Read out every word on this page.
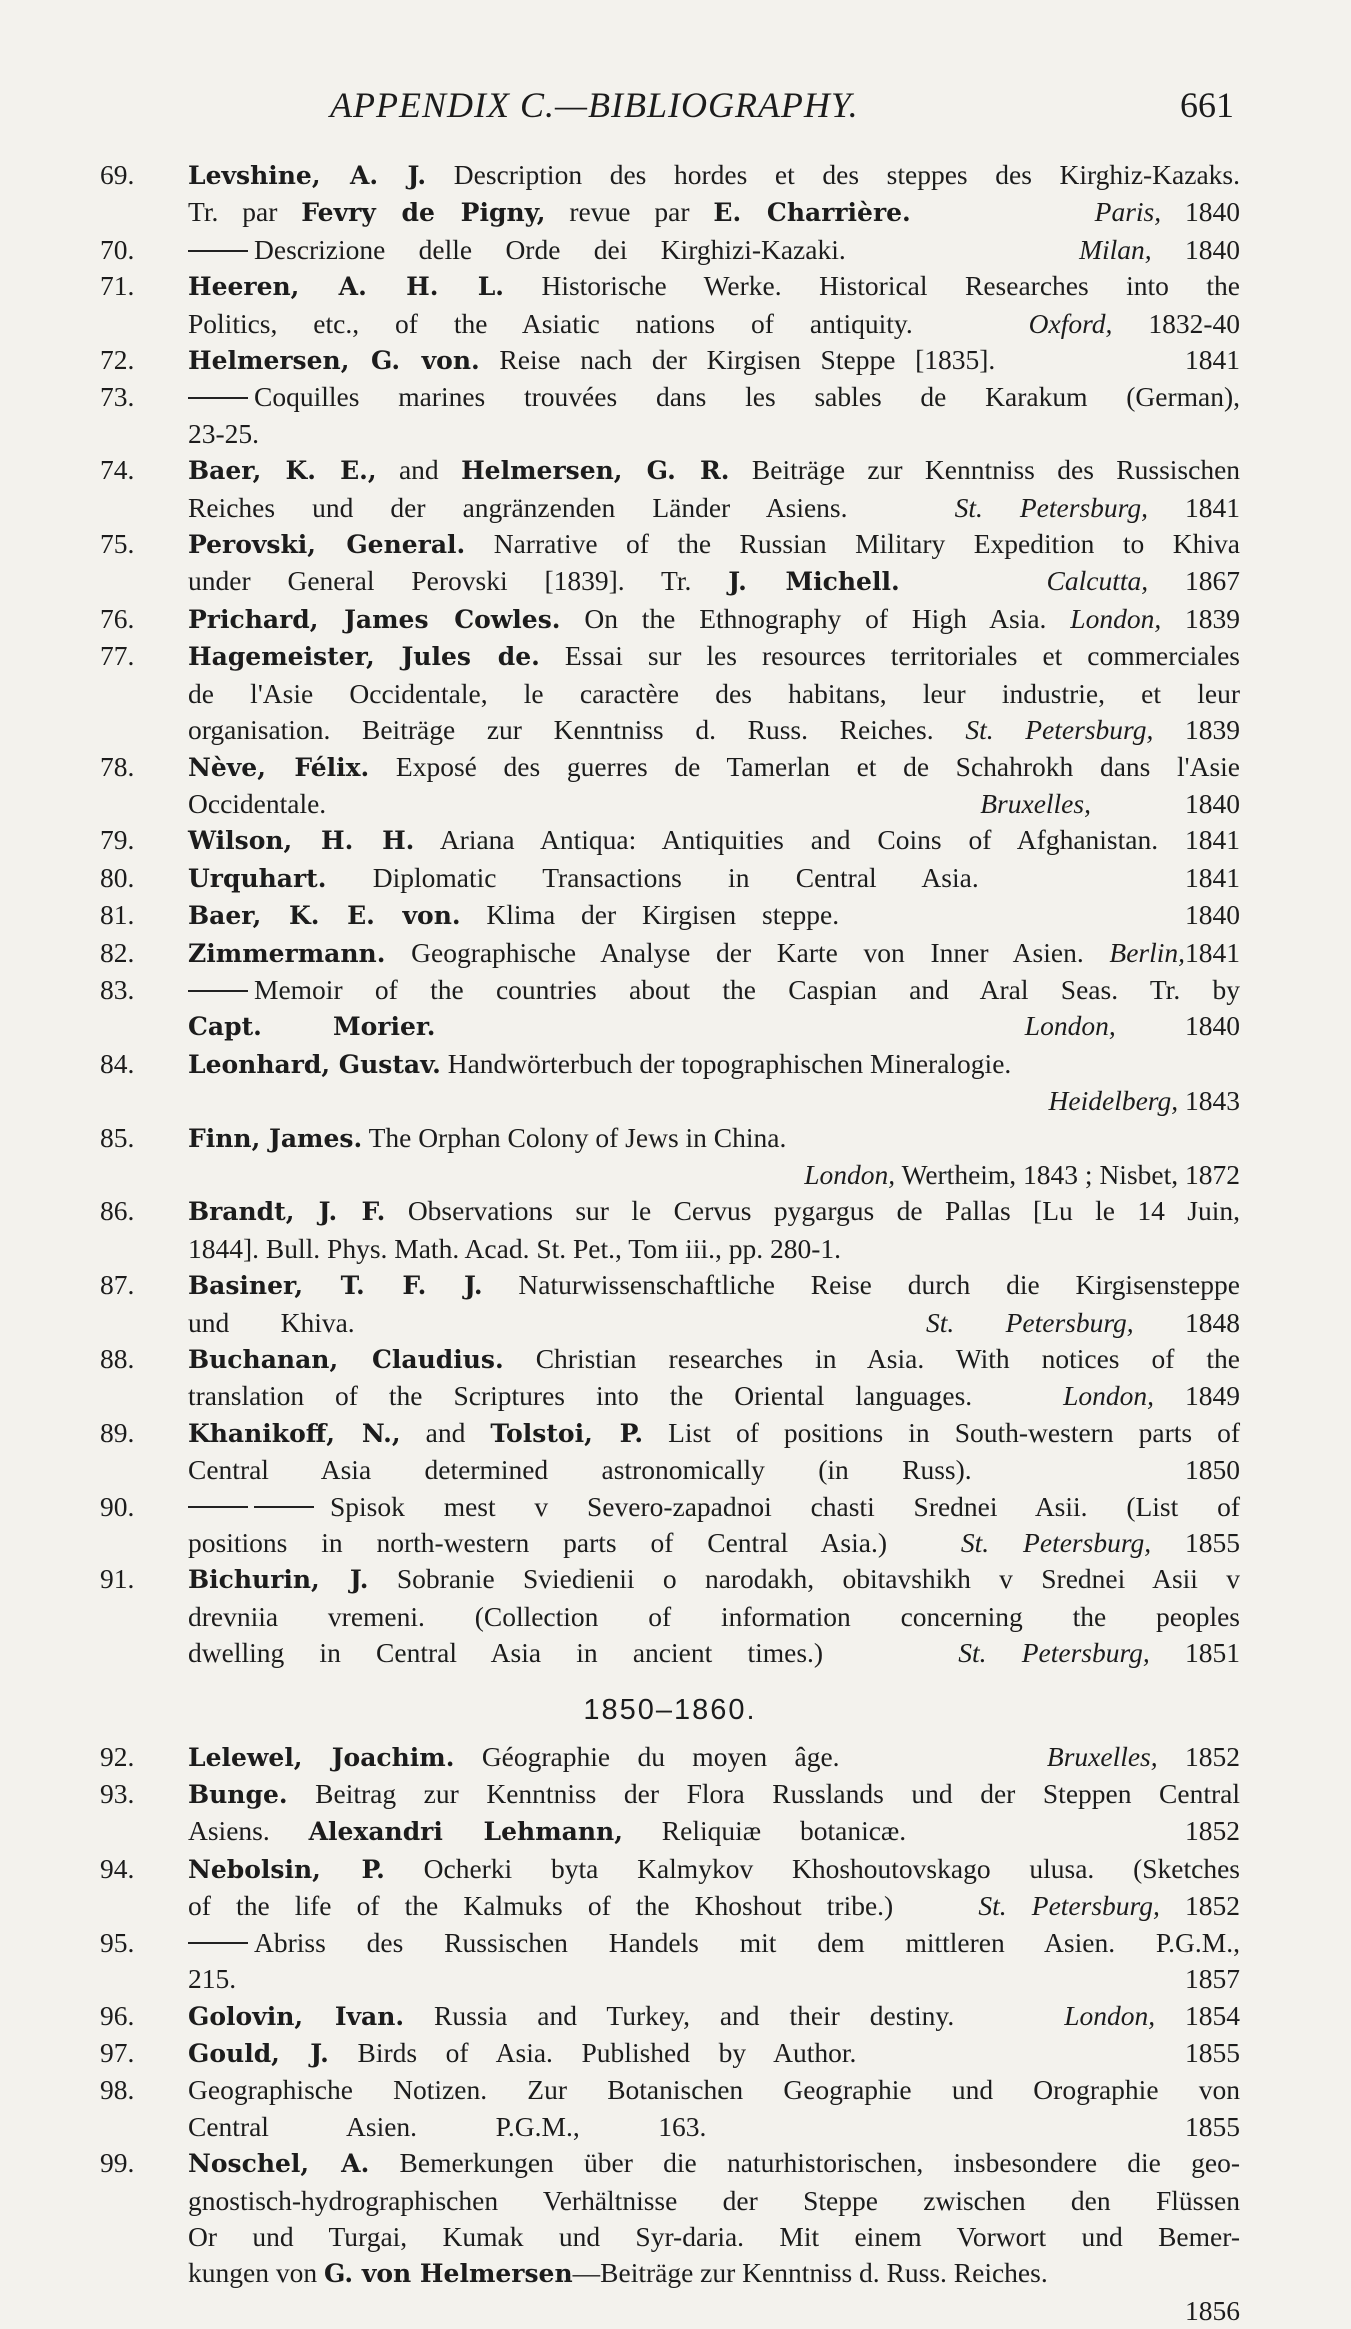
APPENDIX C.—BIBLIOGRAPHY.	661
69. Levshine, A. J. Description des hordes et des steppes des Kirghiz-Kazaks.
Tr. par Fevry de Pigny, revue par E. Charrière.	Paris, 1840
70.	Descrizione delle Orde dei Kirghizi-Kazaki.	Milan, 1840
71. Heeren, A. H. L. Historische Werke. Historical Researches into the
Politics, etc., of the Asiatic nations of antiquity.	Oxford, 1832-40
72. Helmersen, G. von. Reise nach der Kirgisen Steppe [1835].	1841
73.	Coquilles marines trouvées dans les sables de Karakum (German),
23-25.
74. Baer, K. E., and Helmersen, G. R. Beiträge zur Kenntniss des Russischen
Reiches und der angränzenden Länder Asiens.	St. Petersburg, 1841
75. Perovski, General. Narrative of the Russian Military Expedition to Khiva
under General Perovski [1839]. Tr. J. Michell.	Calcutta, 1867
76. Prichard, James Cowles. On the Ethnography of High Asia. London, 1839
77. Hagemeister, Jules de. Essai sur les resources territoriales et commerciales
de l'Asie Occidentale, le caractère des habitans, leur industrie, et leur
organisation. Beiträge zur Kenntniss d. Russ. Reiches. St. Petersburg, 1839
78. Nève, Félix. Exposé des guerres de Tamerlan et de Schahrokh dans l'Asie
Occidentale.	Bruxelles,	1840
79. Wilson, H. H. Ariana Antiqua: Antiquities and Coins of Afghanistan. 1841
80. Urquhart. Diplomatic Transactions in Central Asia.	1841
81. Baer, K. E. von. Klima der Kirgisen steppe.	1840
82. Zimmermann. Geographische Analyse der Karte von Inner Asien. Berlin,1841
83.	Memoir of the countries about the Caspian and Aral Seas. Tr. by
Capt. Morier.	London,	1840
84. Leonhard, Gustav. Handwörterbuch der topographischen Mineralogie.
Heidelberg, 1843
85. Finn, James. The Orphan Colony of Jews in China.
London, Wertheim, 1843 ; Nisbet, 1872
86. Brandt, J. F. Observations sur le Cervus pygargus de Pallas [Lu le 14 Juin,
1844]. Bull. Phys. Math. Acad. St. Pet., Tom iii., pp. 280-1.
87. Basiner, T. F. J. Naturwissenschaftliche Reise durch die Kirgisensteppe
und Khiva.	St. Petersburg, 1848
88. Buchanan, Claudius. Christian researches in Asia. With notices of the
translation of the Scriptures into the Oriental languages.	London, 1849
89. Khanikoff, N., and Tolstoi, P. List of positions in South-western parts of
Central Asia determined astronomically (in Russ).	1850
90.	Spisok mest v Severo-zapadnoi chasti Srednei Asii. (List of
positions in north-western parts of Central Asia.)	St. Petersburg, 1855
91. Bichurin, J. Sobranie Sviedienii o narodakh, obitavshikh v Srednei Asii v
drevniia vremeni. (Collection of information concerning the peoples
dwelling in Central Asia in ancient times.)	St. Petersburg, 1851
1850–1860.
92. Lelewel, Joachim. Géographie du moyen âge.	Bruxelles, 1852
93. Bunge. Beitrag zur Kenntniss der Flora Russlands und der Steppen Central
Asiens. Alexandri Lehmann, Reliquiæ botanicæ.	1852
94. Nebolsin, P. Ocherki byta Kalmykov Khoshoutovskago ulusa. (Sketches
of the life of the Kalmuks of the Khoshout tribe.)	St. Petersburg, 1852
95.	Abriss des Russischen Handels mit dem mittleren Asien. P.G.M.,
215.	1857
96. Golovin, Ivan. Russia and Turkey, and their destiny.	London, 1854
97. Gould, J. Birds of Asia. Published by Author.	1855
98. Geographische Notizen. Zur Botanischen Geographie und Orographie von
Central Asien. P.G.M., 163.	1855
99. Noschel, A. Bemerkungen über die naturhistorischen, insbesondere die geo-
gnostisch-hydrographischen Verhältnisse der Steppe zwischen den Flüssen
Or und Turgai, Kumak und Syr-daria. Mit einem Vorwort und Bemer-
kungen von G. von Helmersen—Beiträge zur Kenntniss d. Russ. Reiches.
1856
